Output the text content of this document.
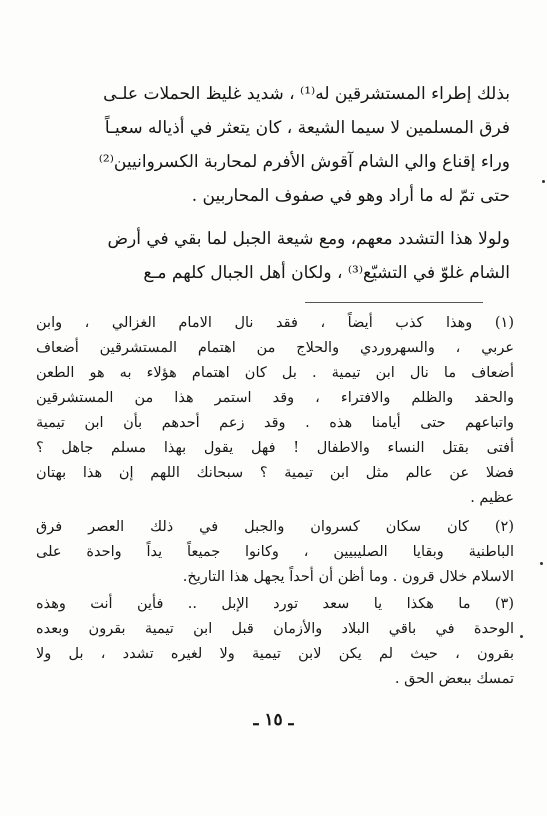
بذلك إطراء المستشرقين له⁽¹⁾ ، شديد غليظ الحملات علـى
فرق المسلمين لا سيما الشيعة ، كان يتعثر في أذياله سعيـاً
وراء إقناع والي الشام آقوش الأفرم لمحاربة الكسروانيين⁽²⁾
حتى تمّ له ما أراد وهو في صفوف المحاربين .
ولولا هذا التشدد معهم، ومع شيعة الجبل لما بقي في أرض
الشام غلوّ في التشيّع⁽³⁾ ، ولكان أهل الجبال كلهم مـع
(١) وهذا كذب أيضاً ، فقد نال الامام الغزالي ، وابن
عربي ، والسهروردي والحلاج من اهتمام المستشرقين أضعاف
أضعاف ما نال ابن تيمية . بل كان اهتمام هؤلاء به هو الطعن
والحقد والظلم والافتراء ، وقد استمر هذا من المستشرقين
واتباعهم حتى أيامنا هذه . وقد زعم أحدهم بأن ابن تيمية
أفتى بقتل النساء والاطفال ! فهل يقول بهذا مسلم جاهل ؟
فضلا عن عالم مثل ابن تيمية ؟ سبحانك اللهم إن هذا بهتان
عظيم .
(٢) كان سكان كسروان والجبل في ذلك العصر فرق
الباطنية وبقايا الصليبيين ، وكانوا جميعاً يداً واحدة على
الاسلام خلال قرون . وما أظن أن أحداً يجهل هذا التاريخ.
(٣) ما هكذا يا سعد تورد الإبل .. فأين أنت وهذه
الوحدة في باقي البلاد والأزمان قبل ابن تيمية بقرون وبعده
بقرون ، حيث لم يكن لابن تيمية ولا لغيره تشدد ، بل ولا
تمسك ببعض الحق .
ـ ١٥ ـ
